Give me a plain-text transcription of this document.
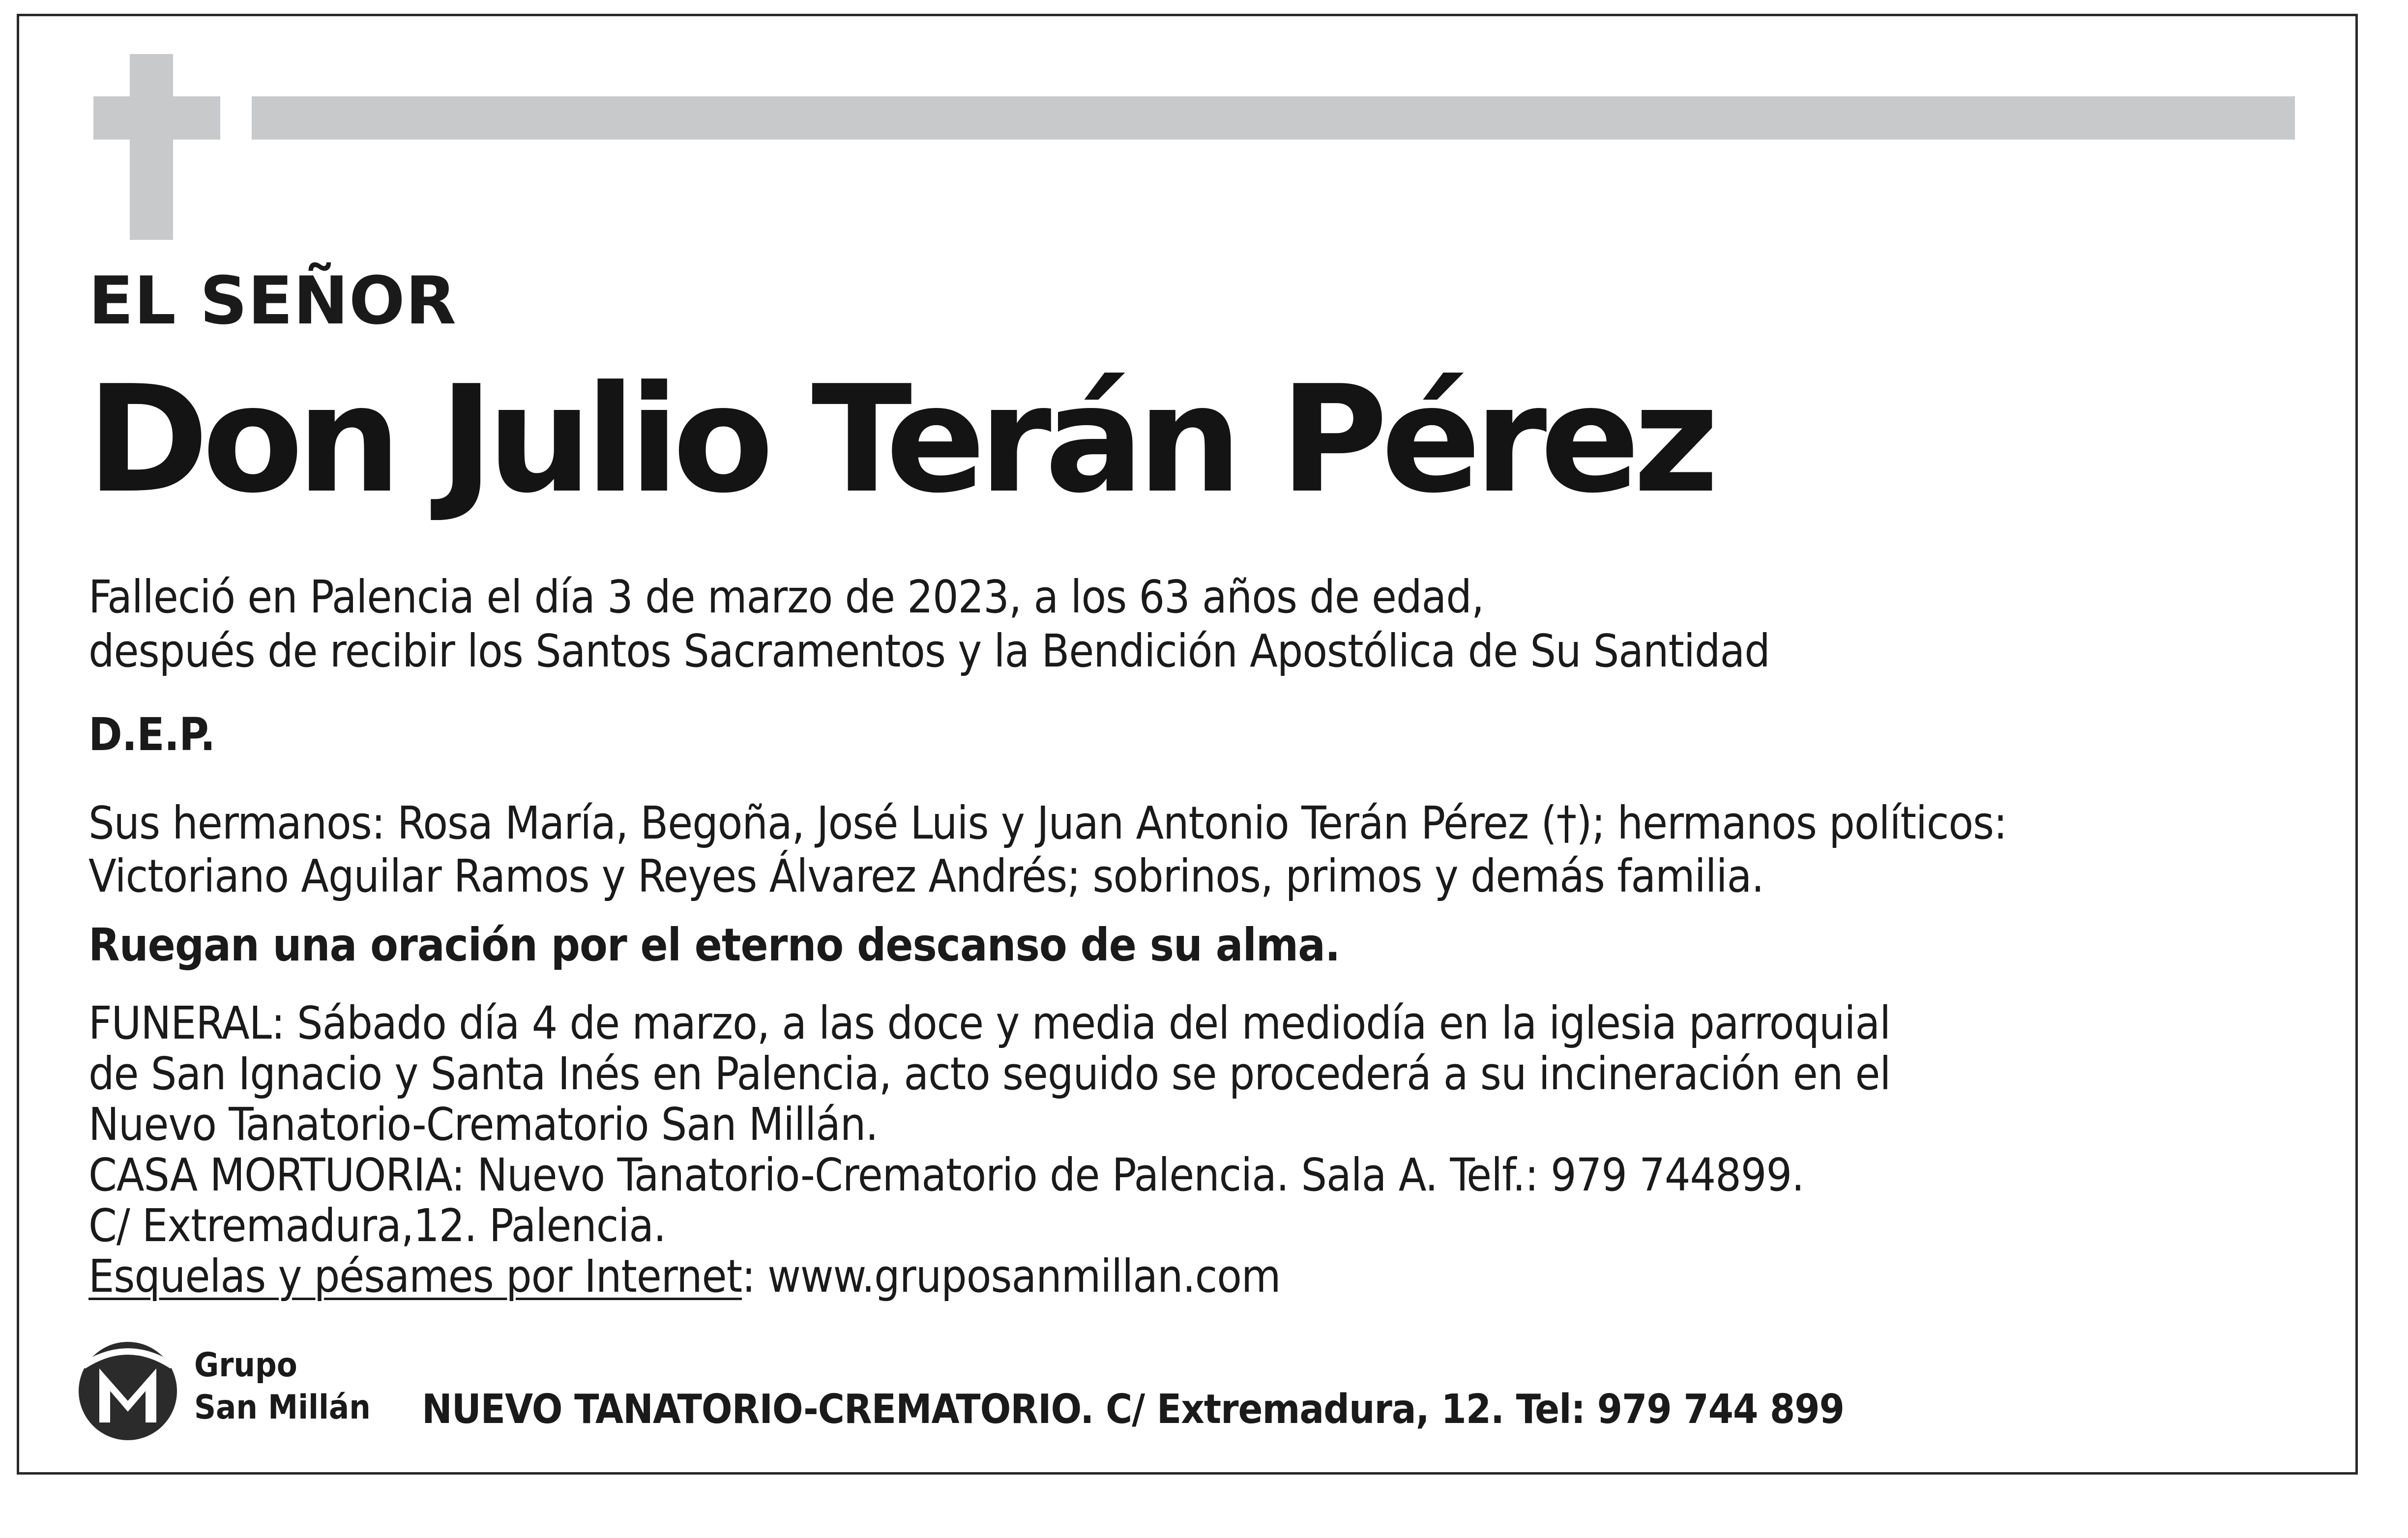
EL SEÑOR
Don Julio Terán Pérez
Falleció en Palencia el día 3 de marzo de 2023, a los 63 años de edad,
después de recibir los Santos Sacramentos y la Bendición Apostólica de Su Santidad
D.E.P.
Sus hermanos: Rosa María, Begoña, José Luis y Juan Antonio Terán Pérez (†); hermanos políticos:
Victoriano Aguilar Ramos y Reyes Álvarez Andrés; sobrinos, primos y demás familia.
Ruegan una oración por el eterno descanso de su alma.
FUNERAL: Sábado día 4 de marzo, a las doce y media del mediodía en la iglesia parroquial
de San Ignacio y Santa Inés en Palencia, acto seguido se procederá a su incineración en el
Nuevo Tanatorio-Crematorio San Millán.
CASA MORTUORIA: Nuevo Tanatorio-Crematorio de Palencia. Sala A. Telf.: 979 744899.
C/ Extremadura,12. Palencia.
Esquelas y pésames por Internet: www.gruposanmillan.com
Grupo
San Millán NUEVO TANATORIO-CREMATORIO. C/ Extremadura, 12. Tel: 979 744 899
